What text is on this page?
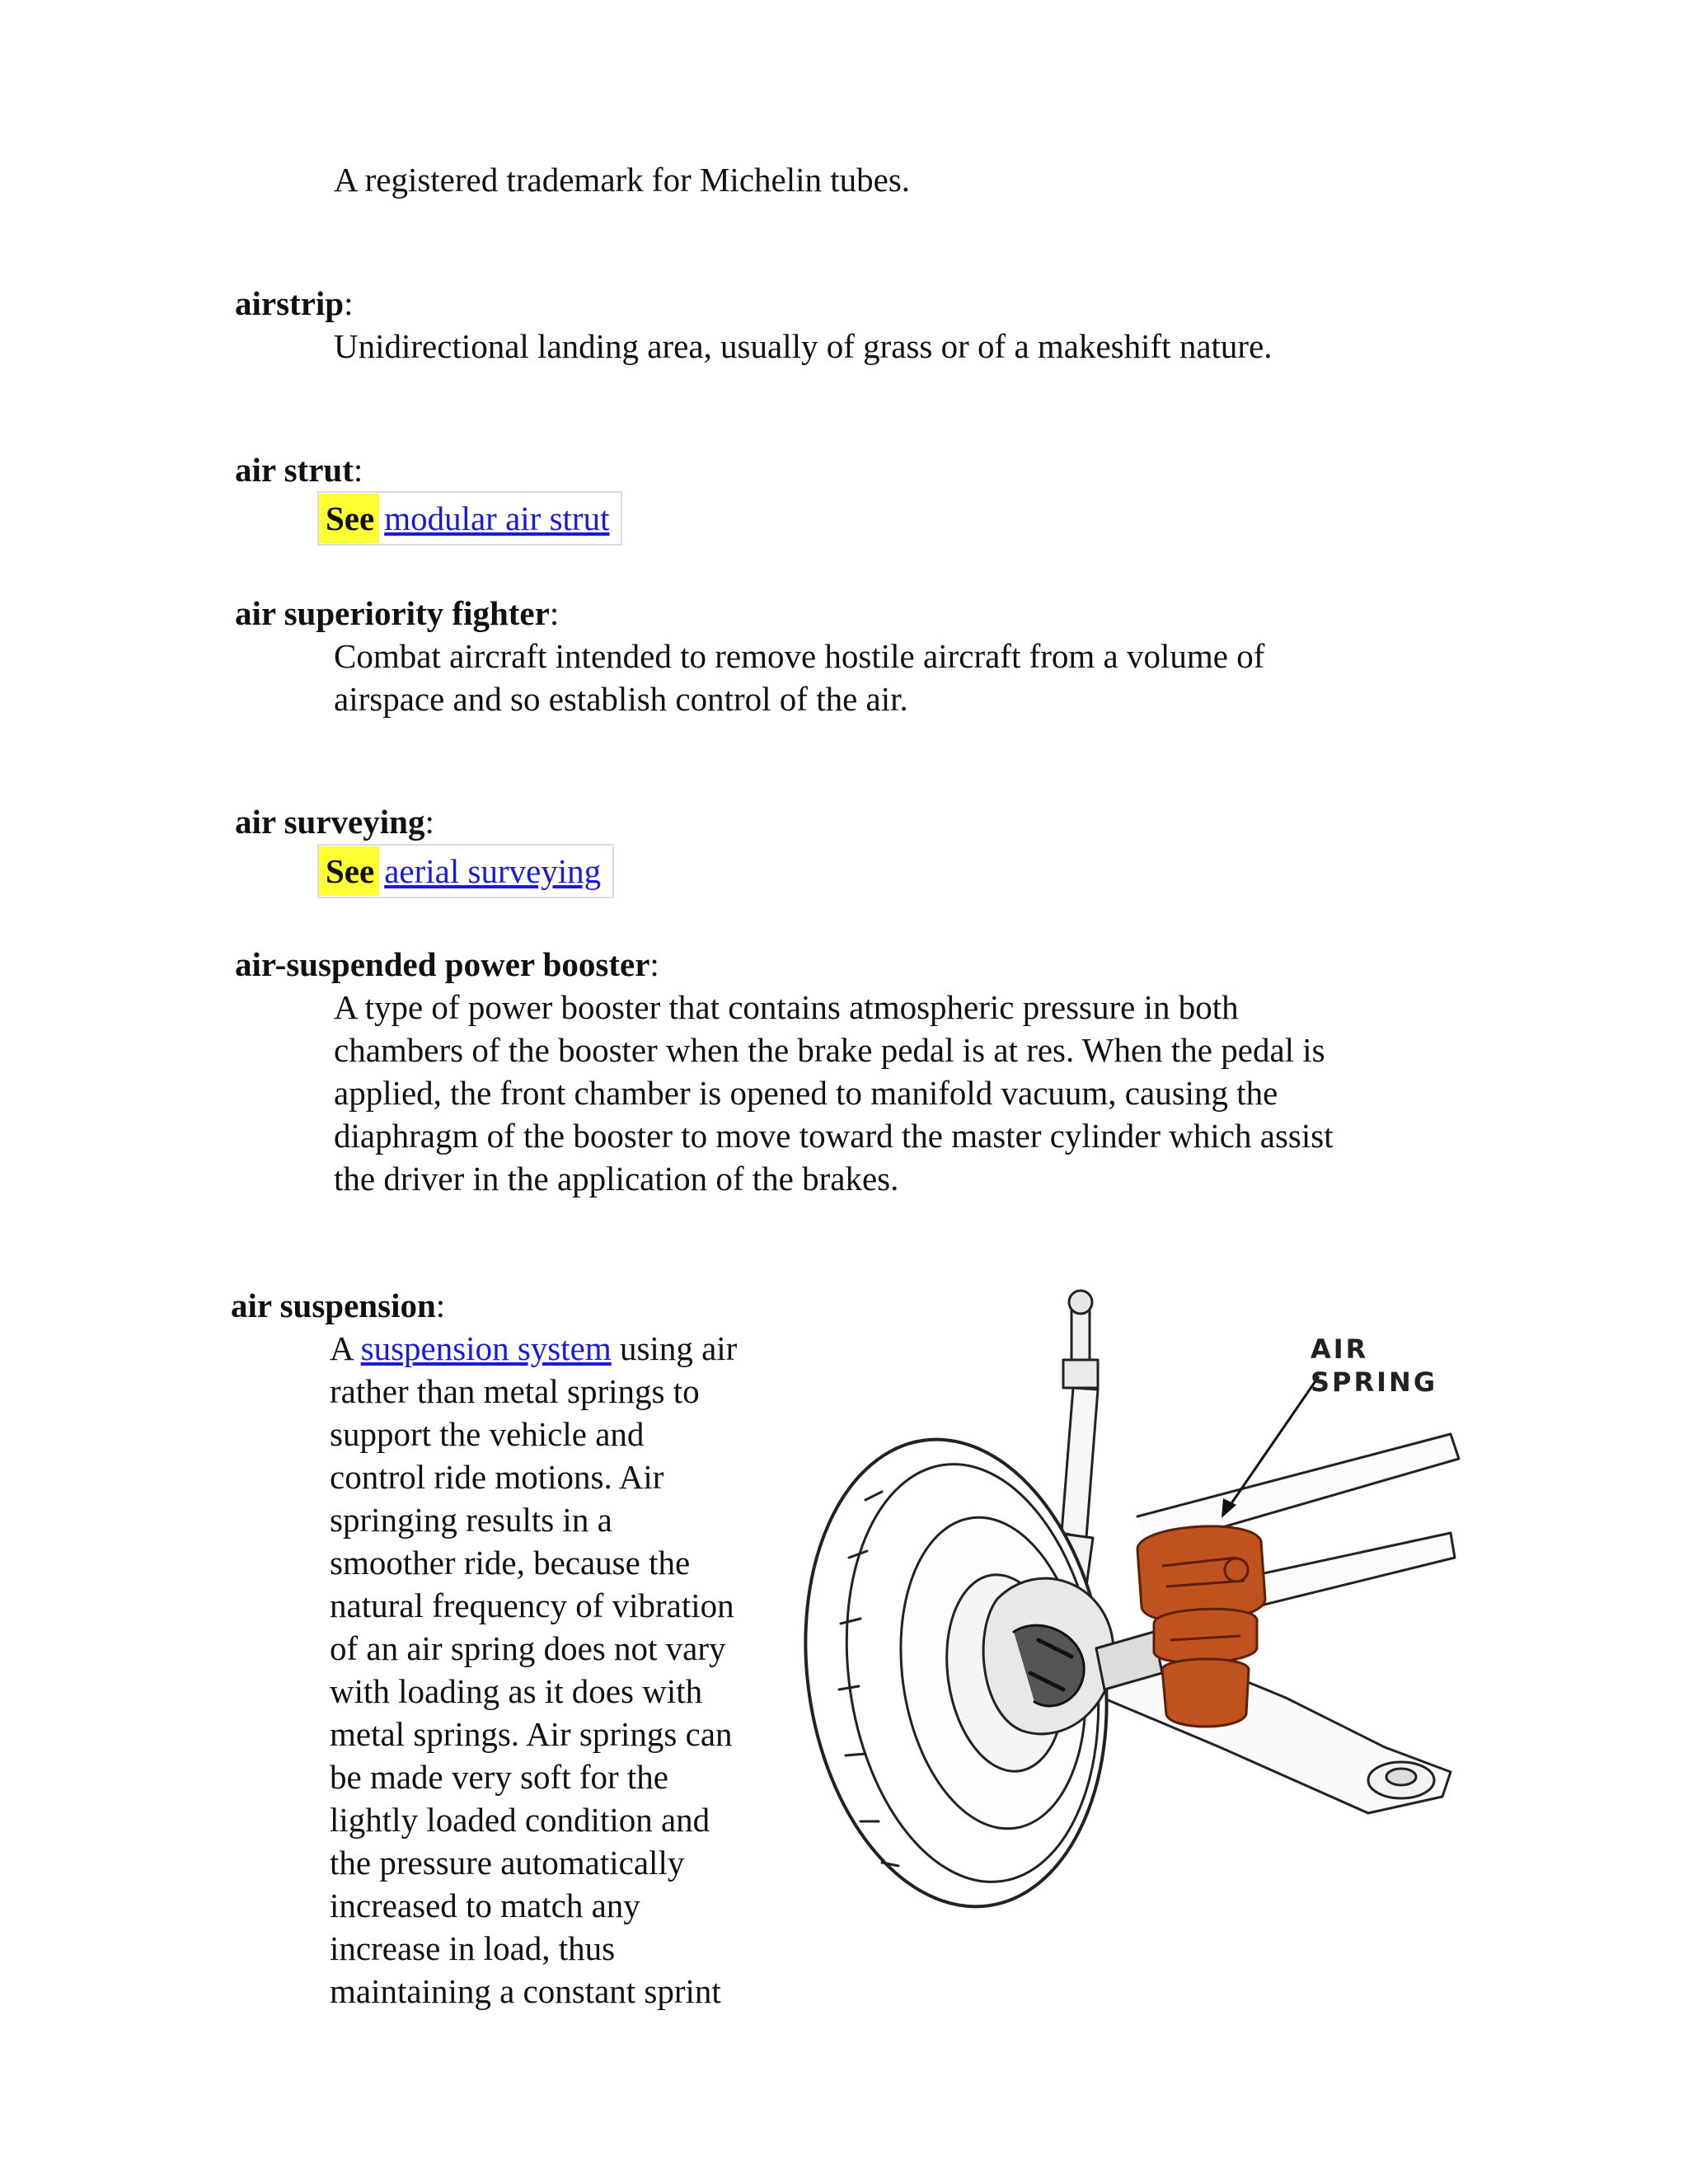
A registered trademark for Michelin tubes.
airstrip:
Unidirectional landing area, usually of grass or of a makeshift nature.
air strut:
See modular air strut
air superiority fighter:
Combat aircraft intended to remove hostile aircraft from a volume of
airspace and so establish control of the air.
air surveying:
See aerial surveying
air-suspended power booster:
A type of power booster that contains atmospheric pressure in both
chambers of the booster when the brake pedal is at res. When the pedal is
applied, the front chamber is opened to manifold vacuum, causing the
diaphragm of the booster to move toward the master cylinder which assist
the driver in the application of the brakes.
air suspension:
A suspension system using air
rather than metal springs to
support the vehicle and
control ride motions. Air
springing results in a
smoother ride, because the
natural frequency of vibration
of an air spring does not vary
with loading as it does with
metal springs. Air springs can
be made very soft for the
lightly loaded condition and
the pressure automatically
increased to match any
increase in load, thus
maintaining a constant sprint
AIR
SPRING
